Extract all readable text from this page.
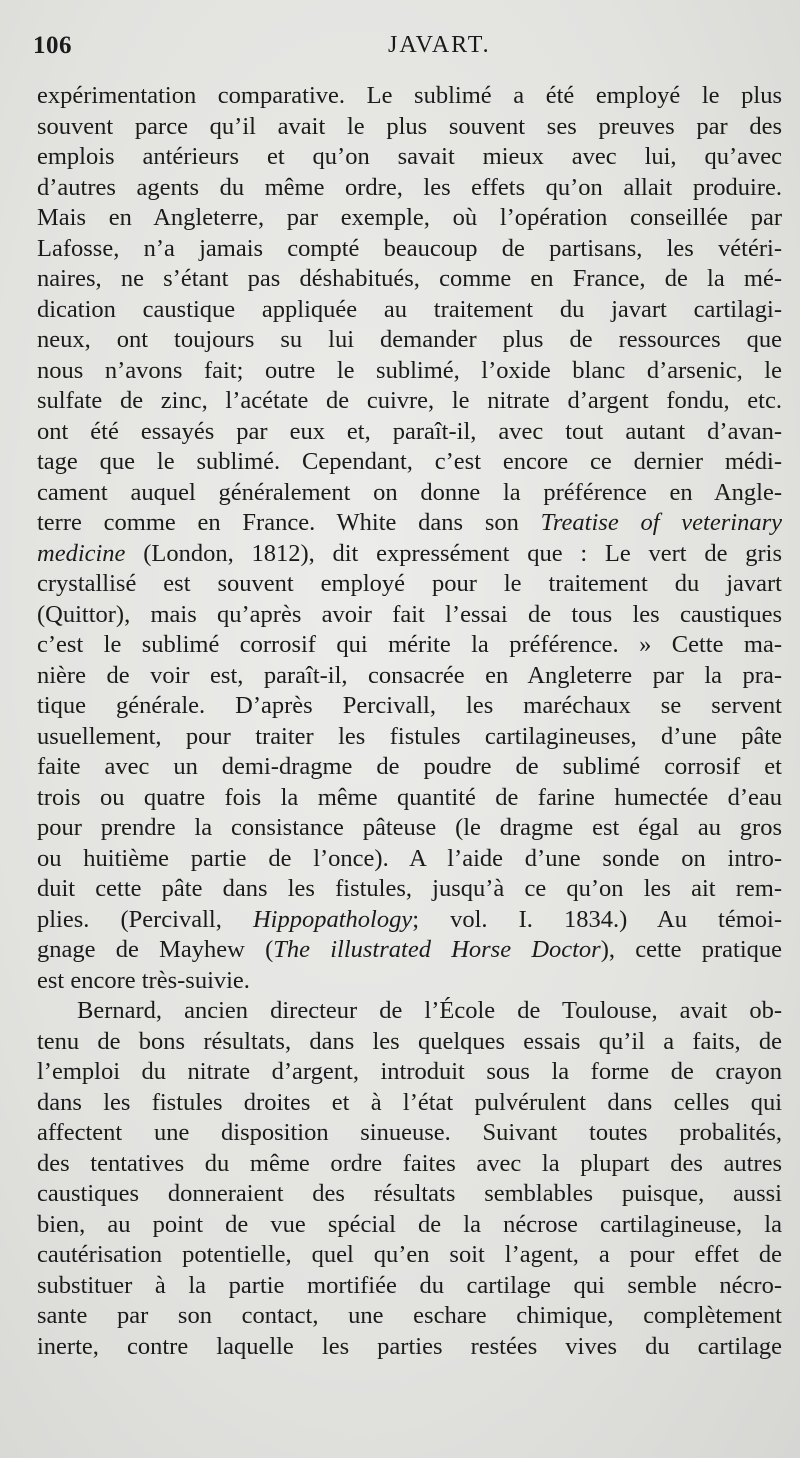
106	JAVART.
expérimentation comparative. Le sublimé a été employé le plus
souvent parce qu’il avait le plus souvent ses preuves par des
emplois antérieurs et qu’on savait mieux avec lui, qu’avec
d’autres agents du même ordre, les effets qu’on allait produire.
Mais en Angleterre, par exemple, où l’opération conseillée par
Lafosse, n’a jamais compté beaucoup de partisans, les vétéri-
naires, ne s’étant pas déshabitués, comme en France, de la mé-
dication caustique appliquée au traitement du javart cartilagi-
neux, ont toujours su lui demander plus de ressources que
nous n’avons fait; outre le sublimé, l’oxide blanc d’arsenic, le
sulfate de zinc, l’acétate de cuivre, le nitrate d’argent fondu, etc.
ont été essayés par eux et, paraît-il, avec tout autant d’avan-
tage que le sublimé. Cependant, c’est encore ce dernier médi-
cament auquel généralement on donne la préférence en Angle-
terre comme en France. White dans son Treatise of veterinary
medicine (London, 1812), dit expressément que : Le vert de gris
crystallisé est souvent employé pour le traitement du javart
(Quittor), mais qu’après avoir fait l’essai de tous les caustiques
c’est le sublimé corrosif qui mérite la préférence. » Cette ma-
nière de voir est, paraît-il, consacrée en Angleterre par la pra-
tique générale. D’après Percivall, les maréchaux se servent
usuellement, pour traiter les fistules cartilagineuses, d’une pâte
faite avec un demi-dragme de poudre de sublimé corrosif et
trois ou quatre fois la même quantité de farine humectée d’eau
pour prendre la consistance pâteuse (le dragme est égal au gros
ou huitième partie de l’once). A l’aide d’une sonde on intro-
duit cette pâte dans les fistules, jusqu’à ce qu’on les ait rem-
plies. (Percivall, Hippopathology; vol. I. 1834.) Au témoi-
gnage de Mayhew (The illustrated Horse Doctor), cette pratique
est encore très-suivie.
Bernard, ancien directeur de l’École de Toulouse, avait ob-
tenu de bons résultats, dans les quelques essais qu’il a faits, de
l’emploi du nitrate d’argent, introduit sous la forme de crayon
dans les fistules droites et à l’état pulvérulent dans celles qui
affectent une disposition sinueuse. Suivant toutes probalités,
des tentatives du même ordre faites avec la plupart des autres
caustiques donneraient des résultats semblables puisque, aussi
bien, au point de vue spécial de la nécrose cartilagineuse, la
cautérisation potentielle, quel qu’en soit l’agent, a pour effet de
substituer à la partie mortifiée du cartilage qui semble nécro-
sante par son contact, une eschare chimique, complètement
inerte, contre laquelle les parties restées vives du cartilage
